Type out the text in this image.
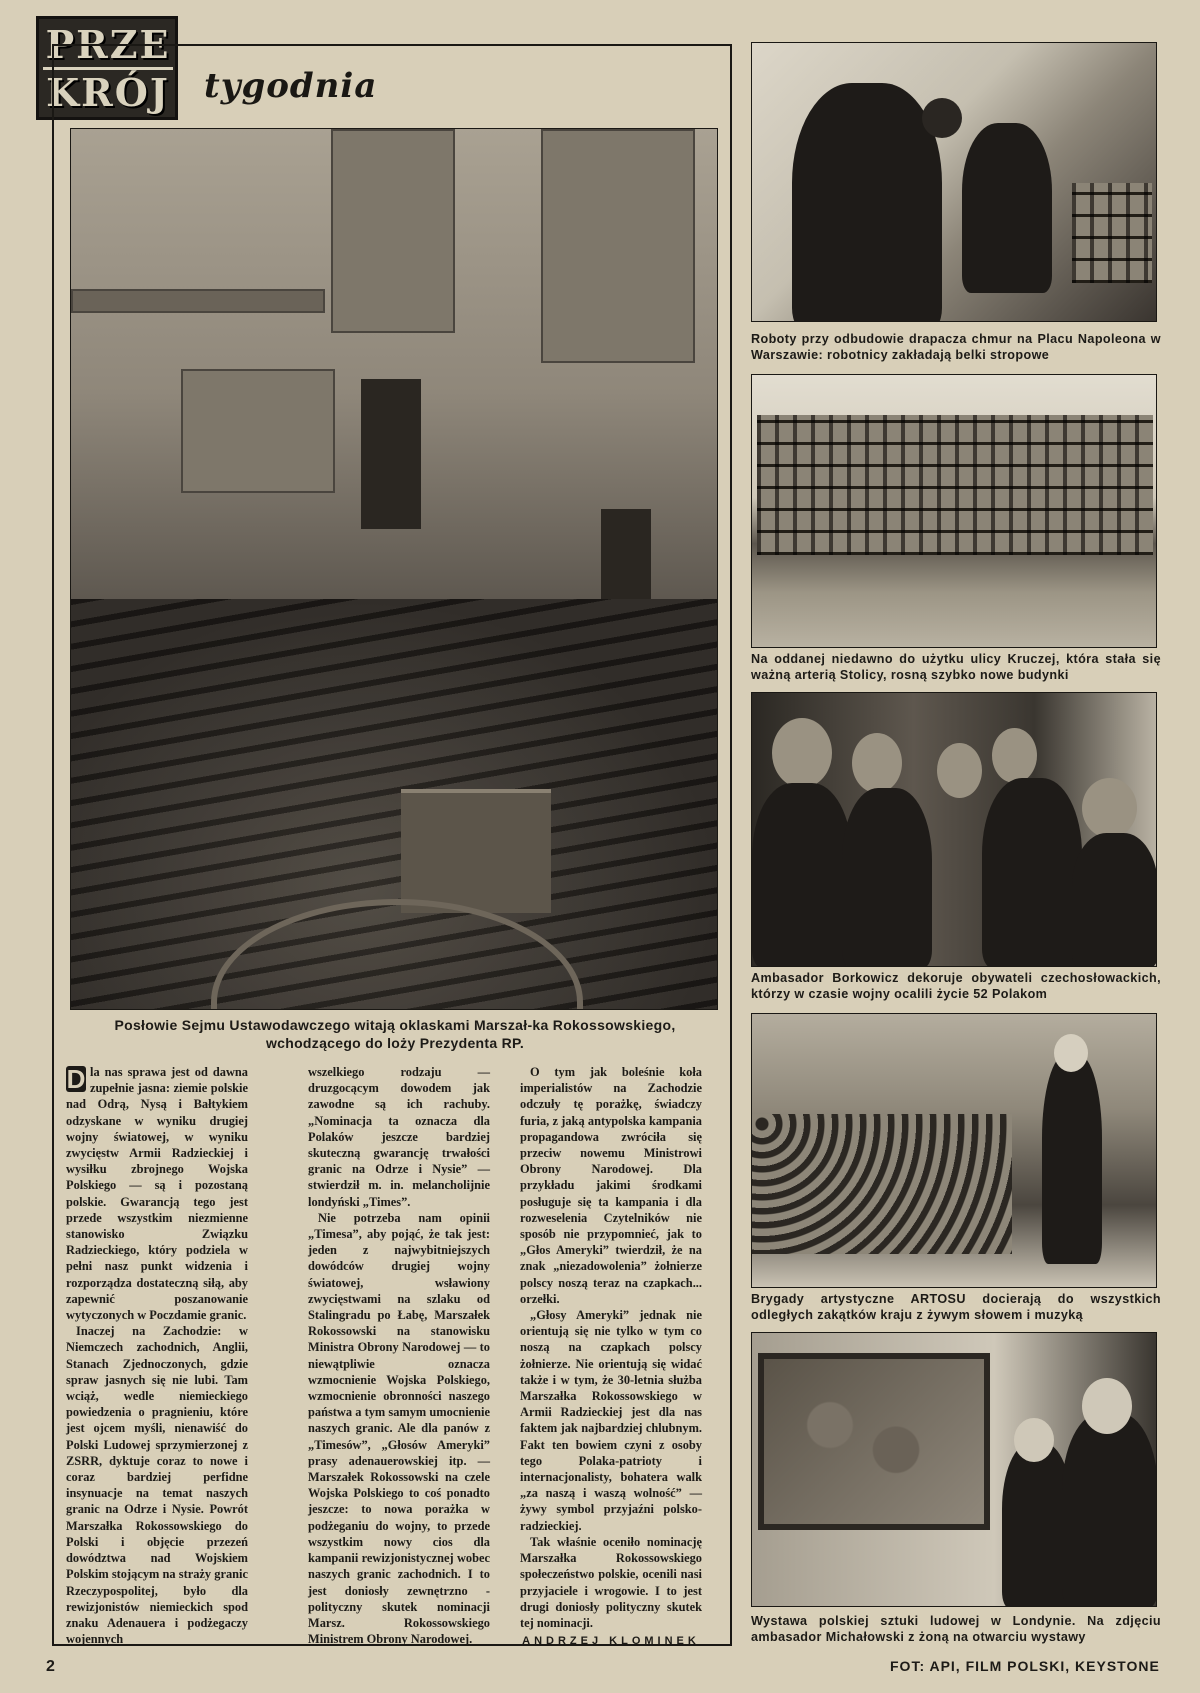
PRZE
KRÓJ tygodnia
Posłowie Sejmu Ustawodawczego witają oklaskami Marszał-ka Rokossowskiego, wchodzącego do loży Prezydenta RP.

D la nas sprawa jest od dawna zupełnie jasna: ziemie polskie nad Odrą, Nysą i Bałtykiem odzyskane w wyniku drugiej wojny światowej, w wyniku zwycięstw Armii Radzieckiej i wysiłku zbrojnego Wojska Polskiego — są i pozostaną polskie. Gwarancją tego jest przede wszystkim niezmienne stanowisko Związku Radzieckiego, który podziela w pełni nasz punkt widzenia i rozporządza dostateczną siłą, aby zapewnić poszanowanie wytyczonych w Poczdamie granic.

Inaczej na Zachodzie: w Niemczech zachodnich, Anglii, Stanach Zjednoczonych, gdzie spraw jasnych się nie lubi. Tam wciąż, wedle niemieckiego powiedzenia o pragnieniu, które jest ojcem myśli, nienawiść do Polski Ludowej sprzymierzonej z ZSRR, dyktuje coraz to nowe i coraz bardziej perfidne insynuacje na temat naszych granic na Odrze i Nysie. Powrót Marszałka Rokossowskiego do Polski i objęcie przezeń dowództwa nad Wojskiem Polskim stojącym na straży granic Rzeczypospolitej, było dla rewizjonistów niemieckich spod znaku Adenauera i podżegaczy wojennych

wszelkiego rodzaju — druzgocącym dowodem jak zawodne są ich rachuby. „Nominacja ta oznacza dla Polaków jeszcze bardziej skuteczną gwarancję trwałości granic na Odrze i Nysie” — stwierdził m. in. melancholijnie londyński „Times”.

Nie potrzeba nam opinii „Timesa”, aby pojąć, że tak jest: jeden z najwybitniejszych dowódców drugiej wojny światowej, wsławiony zwycięstwami na szlaku od Stalingradu po Łabę, Marszałek Rokossowski na stanowisku Ministra Obrony Narodowej — to niewątpliwie oznacza wzmocnienie Wojska Polskiego, wzmocnienie obronności naszego państwa a tym samym umocnienie naszych granic. Ale dla panów z „Timesów”, „Głosów Ameryki” prasy adenauerowskiej itp. — Marszałek Rokossowski na czele Wojska Polskiego to coś ponadto jeszcze: to nowa porażka w podżeganiu do wojny, to przede wszystkim nowy cios dla kampanii rewizjonistycznej wobec naszych granic zachodnich. I to jest doniosły zewnętrzno - polityczny skutek nominacji Marsz. Rokossowskiego Ministrem Obrony Narodowej.

O tym jak boleśnie koła imperialistów na Zachodzie odczuły tę porażkę, świadczy furia, z jaką antypolska kampania propagandowa zwróciła się przeciw nowemu Ministrowi Obrony Narodowej. Dla przykładu jakimi środkami posługuje się ta kampania i dla rozweselenia Czytelników nie sposób nie przypomnieć, jak to „Głos Ameryki” twierdził, że na znak „niezadowolenia” żołnierze polscy noszą teraz na czapkach... orzełki.

„Głosy Ameryki” jednak nie orientują się nie tylko w tym co noszą na czapkach polscy żołnierze. Nie orientują się widać także i w tym, że 30-letnia służba Marszałka Rokossowskiego w Armii Radzieckiej jest dla nas faktem jak najbardziej chlubnym. Fakt ten bowiem czyni z osoby tego Polaka-patrioty i internacjonalisty, bohatera walk „za naszą i waszą wolność” — żywy symbol przyjaźni polsko-radzieckiej.

Tak właśnie oceniło nominację Marszałka Rokossowskiego społeczeństwo polskie, ocenili nasi przyjaciele i wrogowie. I to jest drugi doniosły polityczny skutek tej nominacji.

ANDRZEJ KLOMINEK
Roboty przy odbudowie drapacza chmur na Placu Napoleona w Warszawie: robotnicy zakładają belki stropowe
Na oddanej niedawno do użytku ulicy Kruczej, która stała się ważną arterią Stolicy, rosną szybko nowe budynki
Ambasador Borkowicz dekoruje obywateli czechosłowackich, którzy w czasie wojny ocalili życie 52 Polakom
Brygady artystyczne ARTOSU docierają do wszystkich odległych zakątków kraju z żywym słowem i muzyką
Wystawa polskiej sztuki ludowej w Londynie. Na zdjęciu ambasador Michałowski z żoną na otwarciu wystawy
2	FOT: API, FILM POLSKI, KEYSTONE
